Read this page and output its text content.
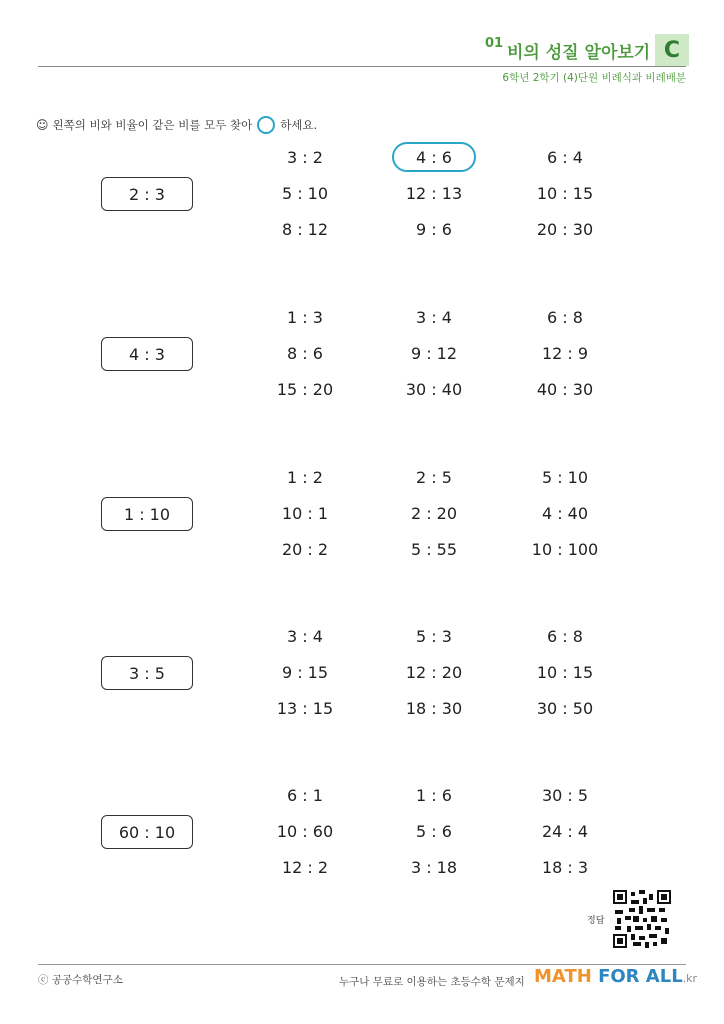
01 비의 성질 알아보기 C
6학년 2학기 (4)단원 비례식과 비례배분
☺ 왼쪽의 비와 비율이 같은 비를 모두 찾아 하세요.
2 : 3
3 : 2	4 : 6	6 : 4
5 : 10	12 : 13	10 : 15
8 : 12	9 : 6	20 : 30
4 : 3
1 : 3	3 : 4	6 : 8
8 : 6	9 : 12	12 : 9
15 : 20	30 : 40	40 : 30
1 : 10
1 : 2	2 : 5	5 : 10
10 : 1	2 : 20	4 : 40
20 : 2	5 : 55	10 : 100
3 : 5
3 : 4	5 : 3	6 : 8
9 : 15	12 : 20	10 : 15
13 : 15	18 : 30	30 : 50
60 : 10
6 : 1	1 : 6	30 : 5
10 : 60	5 : 6	24 : 4
12 : 2	3 : 18	18 : 3
정답
ⓒ 공공수학연구소	누구나 무료로 이용하는 초등수학 문제지 MATH FOR ALL.kr
